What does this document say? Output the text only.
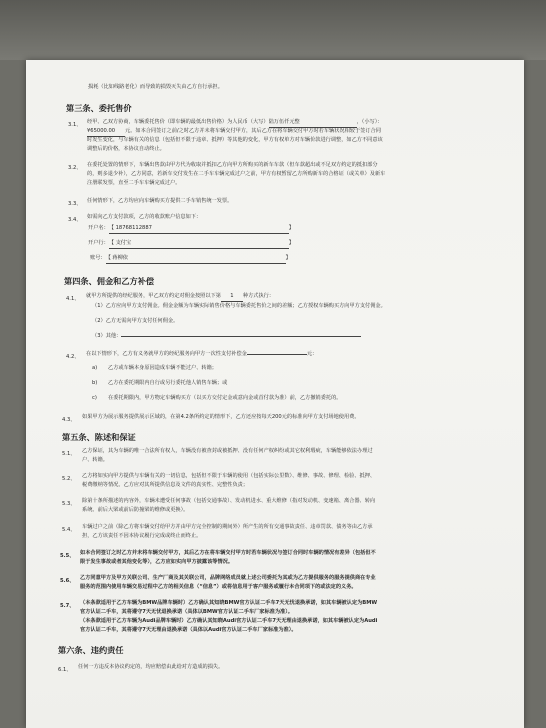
损耗（比如线路老化）而导致的损毁灭失由乙方自行承担。
第三条、委托售价
3.1、 经甲、乙双方协商，车辆委托售价（即车辆的最低出售价格）为人民币（大写）陆万伍仟元整	，（小写）：
¥65000.00 元。如本合同签订之前/之时乙方并未将车辆交付甲方，其后乙方在将车辆交付甲方时若车辆状况相较于签订合同
时发生变化，与车辆有关的信息（包括但不限于违章、抵押）等其他的变化，甲方有权单方对车辆价款进行调整，如乙方不同意该
调整后的价格，本协议自动终止。
3.2、 在委托处置的情形下，车辆出售款由甲方代为收取并抵扣乙方向甲方所购买的新车车款（但车款超出或不足双方约定的抵扣部分
的，则多退少补），乙方同意，若新车交付发生在二手车车辆完成过户之前，甲方有权暂留乙方所购新车的合格证（或关单）及新车
注册联发票，直至二手车车辆完成过户。
3.3、 任何情形下，乙方均应向车辆购买方提供二手车销售统一发票。
3.4、 如需向乙方支付款项，乙方的收款账户信息如下：
开户名：【 18768112887	】
开户行：【 支付宝	】
账号：【 蒋柳依	】
第四条、佣金和乙方补偿
4.1、 就甲方所提供的经纪服务，甲乙双方约定对佣金按照以下第 1 种方式执行：
（1）乙方应向甲方支付佣金。佣金金额为车辆实际销售价格与车辆委托售价之间的差额；乙方授权车辆购买方向甲方支付佣金。
（2）乙方无需向甲方支付任何佣金。
（3）其他：
4.2、 在以下情形下，乙方有义务就甲方的经纪服务向甲方一次性支付补偿金	元：
a) 乙方或车辆本身原因造成车辆不能过户、转籍；
b) 乙方在委托期限内自行或另行委托他人销售车辆；或
c) 在委托期限内，甲方物定车辆购买方（以买方交付定金或意向金或首付款为准）前，乙方撤销委托的。
4.3、 如果甲方为展示服务提供展示区域的，在第4.2条所约定的情形下，乙方还应按每天200元的标准向甲方支付场地使用费。
第五条、陈述和保证
5.1、 乙方保证，其为车辆的唯一合法所有权人，车辆没有被查封或被抵押、没有任何产权纠纷或其它权利瑕疵，车辆能够依法办理过
户、转籍。
5.2、 乙方将如实向甲方提供与车辆有关的一切信息，包括但不限于车辆的使用（包括实际公里数）、维修、事故、修理、检验、抵押、
税费缴纳等情况。乙方应对其所提供信息及文件的真实性、完整性负责；
5.3、 除第十条所描述的内容外，车辆未遭受任何事故（包括交通事故）、发动机进水、重大维修（指对发动机、变速箱、离合器、转向
系统、前后大梁或前后防撞梁的维修或更换）。
5.4、 车辆过户之前（除乙方将车辆交付给甲方并由甲方完全控制的期间外）所产生的所有交通事故责任、违章罚款、债务等由乙方承
担，乙方该责任不因本协议履行完成或终止而终止。
5.5、 如本合同签订之时乙方并未将车辆交付甲方，其后乙方在将车辆交付甲方时若车辆状况与签订合同时车辆的情况有差异（包括但不
限于发生事故或者其他变化等），乙方应如实向甲方披露该等情况。
5.6、 乙方同意甲方及甲方关联公司、生产厂商及其关联公司，品牌网络成员就上述公司委托为其或为乙方提供服务的服务提供商在专业
服务的范围内使用车辆交易过程中乙方的相关信息（“信息”）或将信息用于客户服务或履行本合同项下的或法定的义务。
5.7、 （本条款适用于乙方车辆为BMW品牌车辆时）乙方确认其知晓BMW官方认证二手车7天无忧退换承诺，如其车辆被认定为BMW
官方认证二手车，其将遵守7天无忧退换承诺（具体以BMW官方认证二手车厂家标准为准）。
（本条款适用于乙方车辆为Audi品牌车辆时）乙方确认其知晓Audi官方认证二手车7天无理由退换承诺，如其车辆被认定为Audi
官方认证二手车，其将遵守7天无理由退换承诺（具体以Audi官方认证二手车厂家标准为准）。
第六条、违约责任
6.1、 任何一方违反本协议约定的，均应赔偿由此给对方造成的损失。
